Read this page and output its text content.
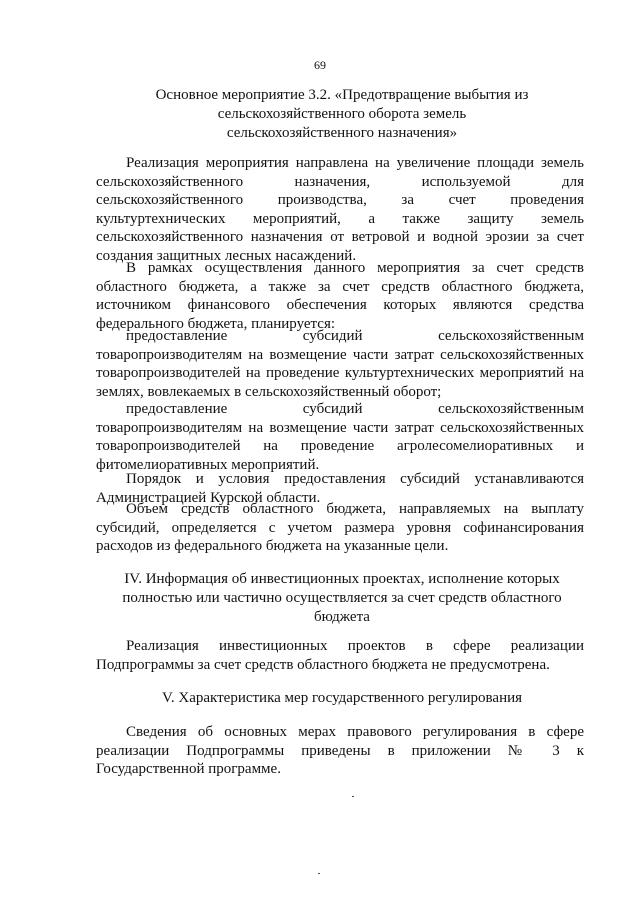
69
Основное мероприятие 3.2. «Предотвращение выбытия из
сельскохозяйственного оборота земель
сельскохозяйственного назначения»
Реализация мероприятия направлена на увеличение площади земель сельскохозяйственного назначения, используемой для сельскохозяйственного производства, за счет проведения культуртехнических мероприятий, а также защиту земель сельскохозяйственного назначения от ветровой и водной эрозии за счет создания защитных лесных насаждений.
В рамках осуществления данного мероприятия за счет средств областного бюджета, а также за счет средств областного бюджета, источником финансового обеспечения которых являются средства федерального бюджета, планируется:
предоставление субсидий сельскохозяйственным
товаропроизводителям на возмещение части затрат сельскохозяйственных товаропроизводителей на проведение культуртехнических мероприятий на землях, вовлекаемых в сельскохозяйственный оборот;
предоставление субсидий сельскохозяйственным
товаропроизводителям на возмещение части затрат сельскохозяйственных товаропроизводителей на проведение агролесомелиоративных и фитомелиоративных мероприятий.
Порядок и условия предоставления субсидий устанавливаются Администрацией Курской области.
Объем средств областного бюджета, направляемых на выплату субсидий, определяется с учетом размера уровня софинансирования расходов из федерального бюджета на указанные цели.
IV. Информация об инвестиционных проектах, исполнение которых
полностью или частично осуществляется за счет средств областного
бюджета
Реализация инвестиционных проектов в сфере реализации Подпрограммы за счет средств областного бюджета не предусмотрена.
V. Характеристика мер государственного регулирования
Сведения об основных мерах правового регулирования в сфере реализации Подпрограммы приведены в приложении № 3 к Государственной программе.
